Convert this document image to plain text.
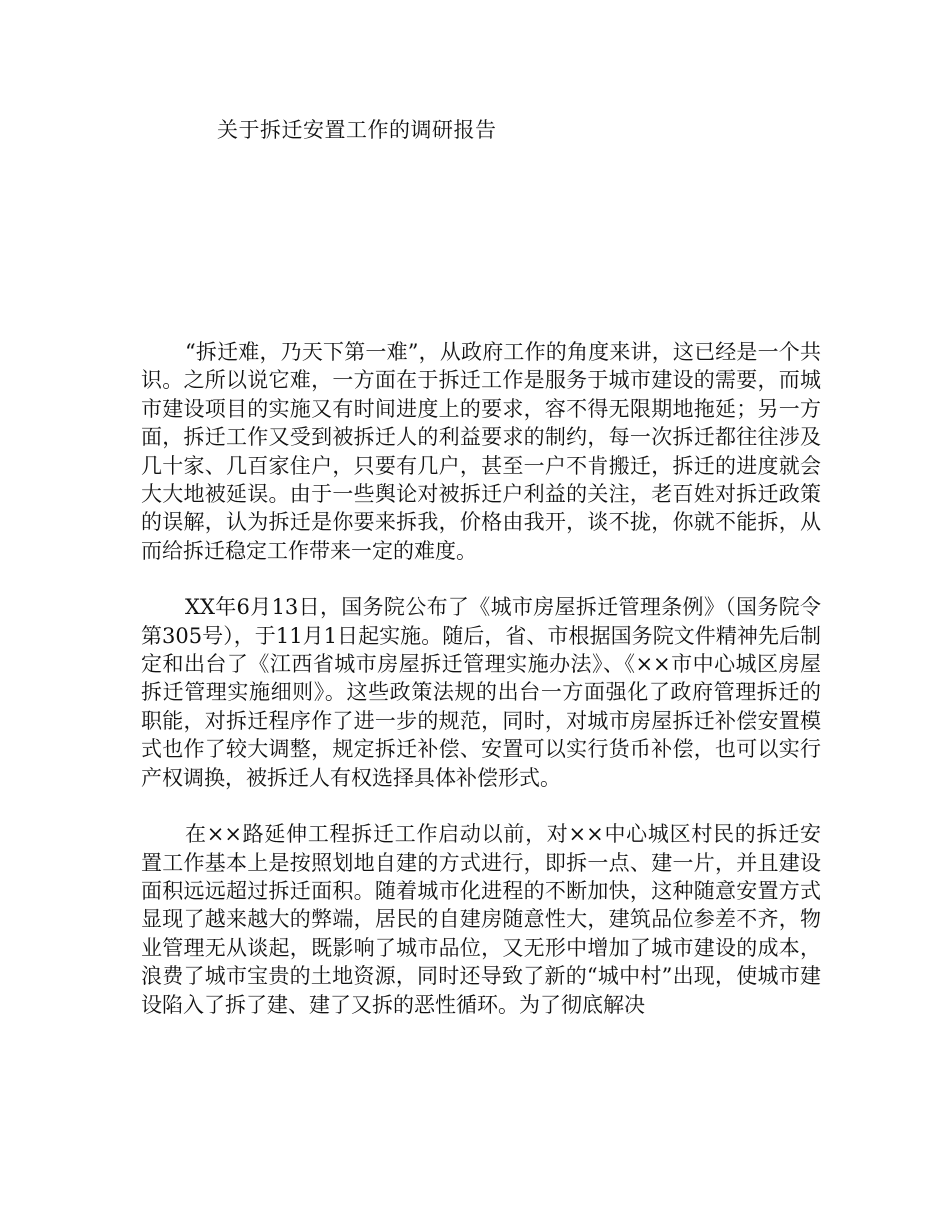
关于拆迁安置工作的调研报告

“拆迁难，乃天下第一难”，从政府工作的角度来讲，这已经是一个共识。之所以说它难，一方面在于拆迁工作是服务于城市建设的需要，而城市建设项目的实施又有时间进度上的要求，容不得无限期地拖延；另一方面，拆迁工作又受到被拆迁人的利益要求的制约，每一次拆迁都往往涉及几十家、几百家住户，只要有几户，甚至一户不肯搬迁，拆迁的进度就会大大地被延误。由于一些舆论对被拆迁户利益的关注，老百姓对拆迁政策的误解，认为拆迁是你要来拆我，价格由我开，谈不拢，你就不能拆，从而给拆迁稳定工作带来一定的难度。

XX年6月13日，国务院公布了《城市房屋拆迁管理条例》（国务院令第305号），于11月1日起实施。随后，省、市根据国务院文件精神先后制定和出台了《江西省城市房屋拆迁管理实施办法》、《××市中心城区房屋拆迁管理实施细则》。这些政策法规的出台一方面强化了政府管理拆迁的职能，对拆迁程序作了进一步的规范，同时，对城市房屋拆迁补偿安置模式也作了较大调整，规定拆迁补偿、安置可以实行货币补偿，也可以实行产权调换，被拆迁人有权选择具体补偿形式。

在××路延伸工程拆迁工作启动以前，对××中心城区村民的拆迁安置工作基本上是按照划地自建的方式进行，即拆一点、建一片，并且建设面积远远超过拆迁面积。随着城市化进程的不断加快，这种随意安置方式显现了越来越大的弊端，居民的自建房随意性大，建筑品位参差不齐，物业管理无从谈起，既影响了城市品位，又无形中增加了城市建设的成本，浪费了城市宝贵的土地资源，同时还导致了新的“城中村”出现，使城市建设陷入了拆了建、建了又拆的恶性循环。为了彻底解决
